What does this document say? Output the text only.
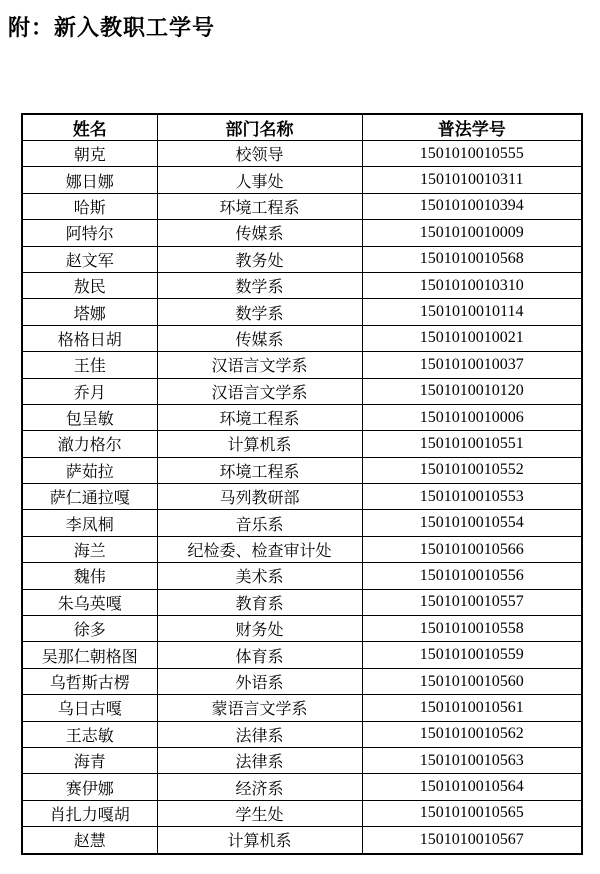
附：新入教职工学号
姓名	部门名称	普法学号
朝克	校领导	1501010010555
娜日娜	人事处	1501010010311
哈斯	环境工程系	1501010010394
阿特尔	传媒系	1501010010009
赵文军	教务处	1501010010568
敖民	数学系	1501010010310
塔娜	数学系	1501010010114
格格日胡	传媒系	1501010010021
王佳	汉语言文学系	1501010010037
乔月	汉语言文学系	1501010010120
包呈敏	环境工程系	1501010010006
澈力格尔	计算机系	1501010010551
萨茹拉	环境工程系	1501010010552
萨仁通拉嘎	马列教研部	1501010010553
李凤桐	音乐系	1501010010554
海兰	纪检委、检查审计处	1501010010566
魏伟	美术系	1501010010556
朱乌英嘎	教育系	1501010010557
徐多	财务处	1501010010558
吴那仁朝格图	体育系	1501010010559
乌哲斯古楞	外语系	1501010010560
乌日古嘎	蒙语言文学系	1501010010561
王志敏	法律系	1501010010562
海青	法律系	1501010010563
赛伊娜	经济系	1501010010564
肖扎力嘎胡	学生处	1501010010565
赵慧	计算机系	1501010010567
